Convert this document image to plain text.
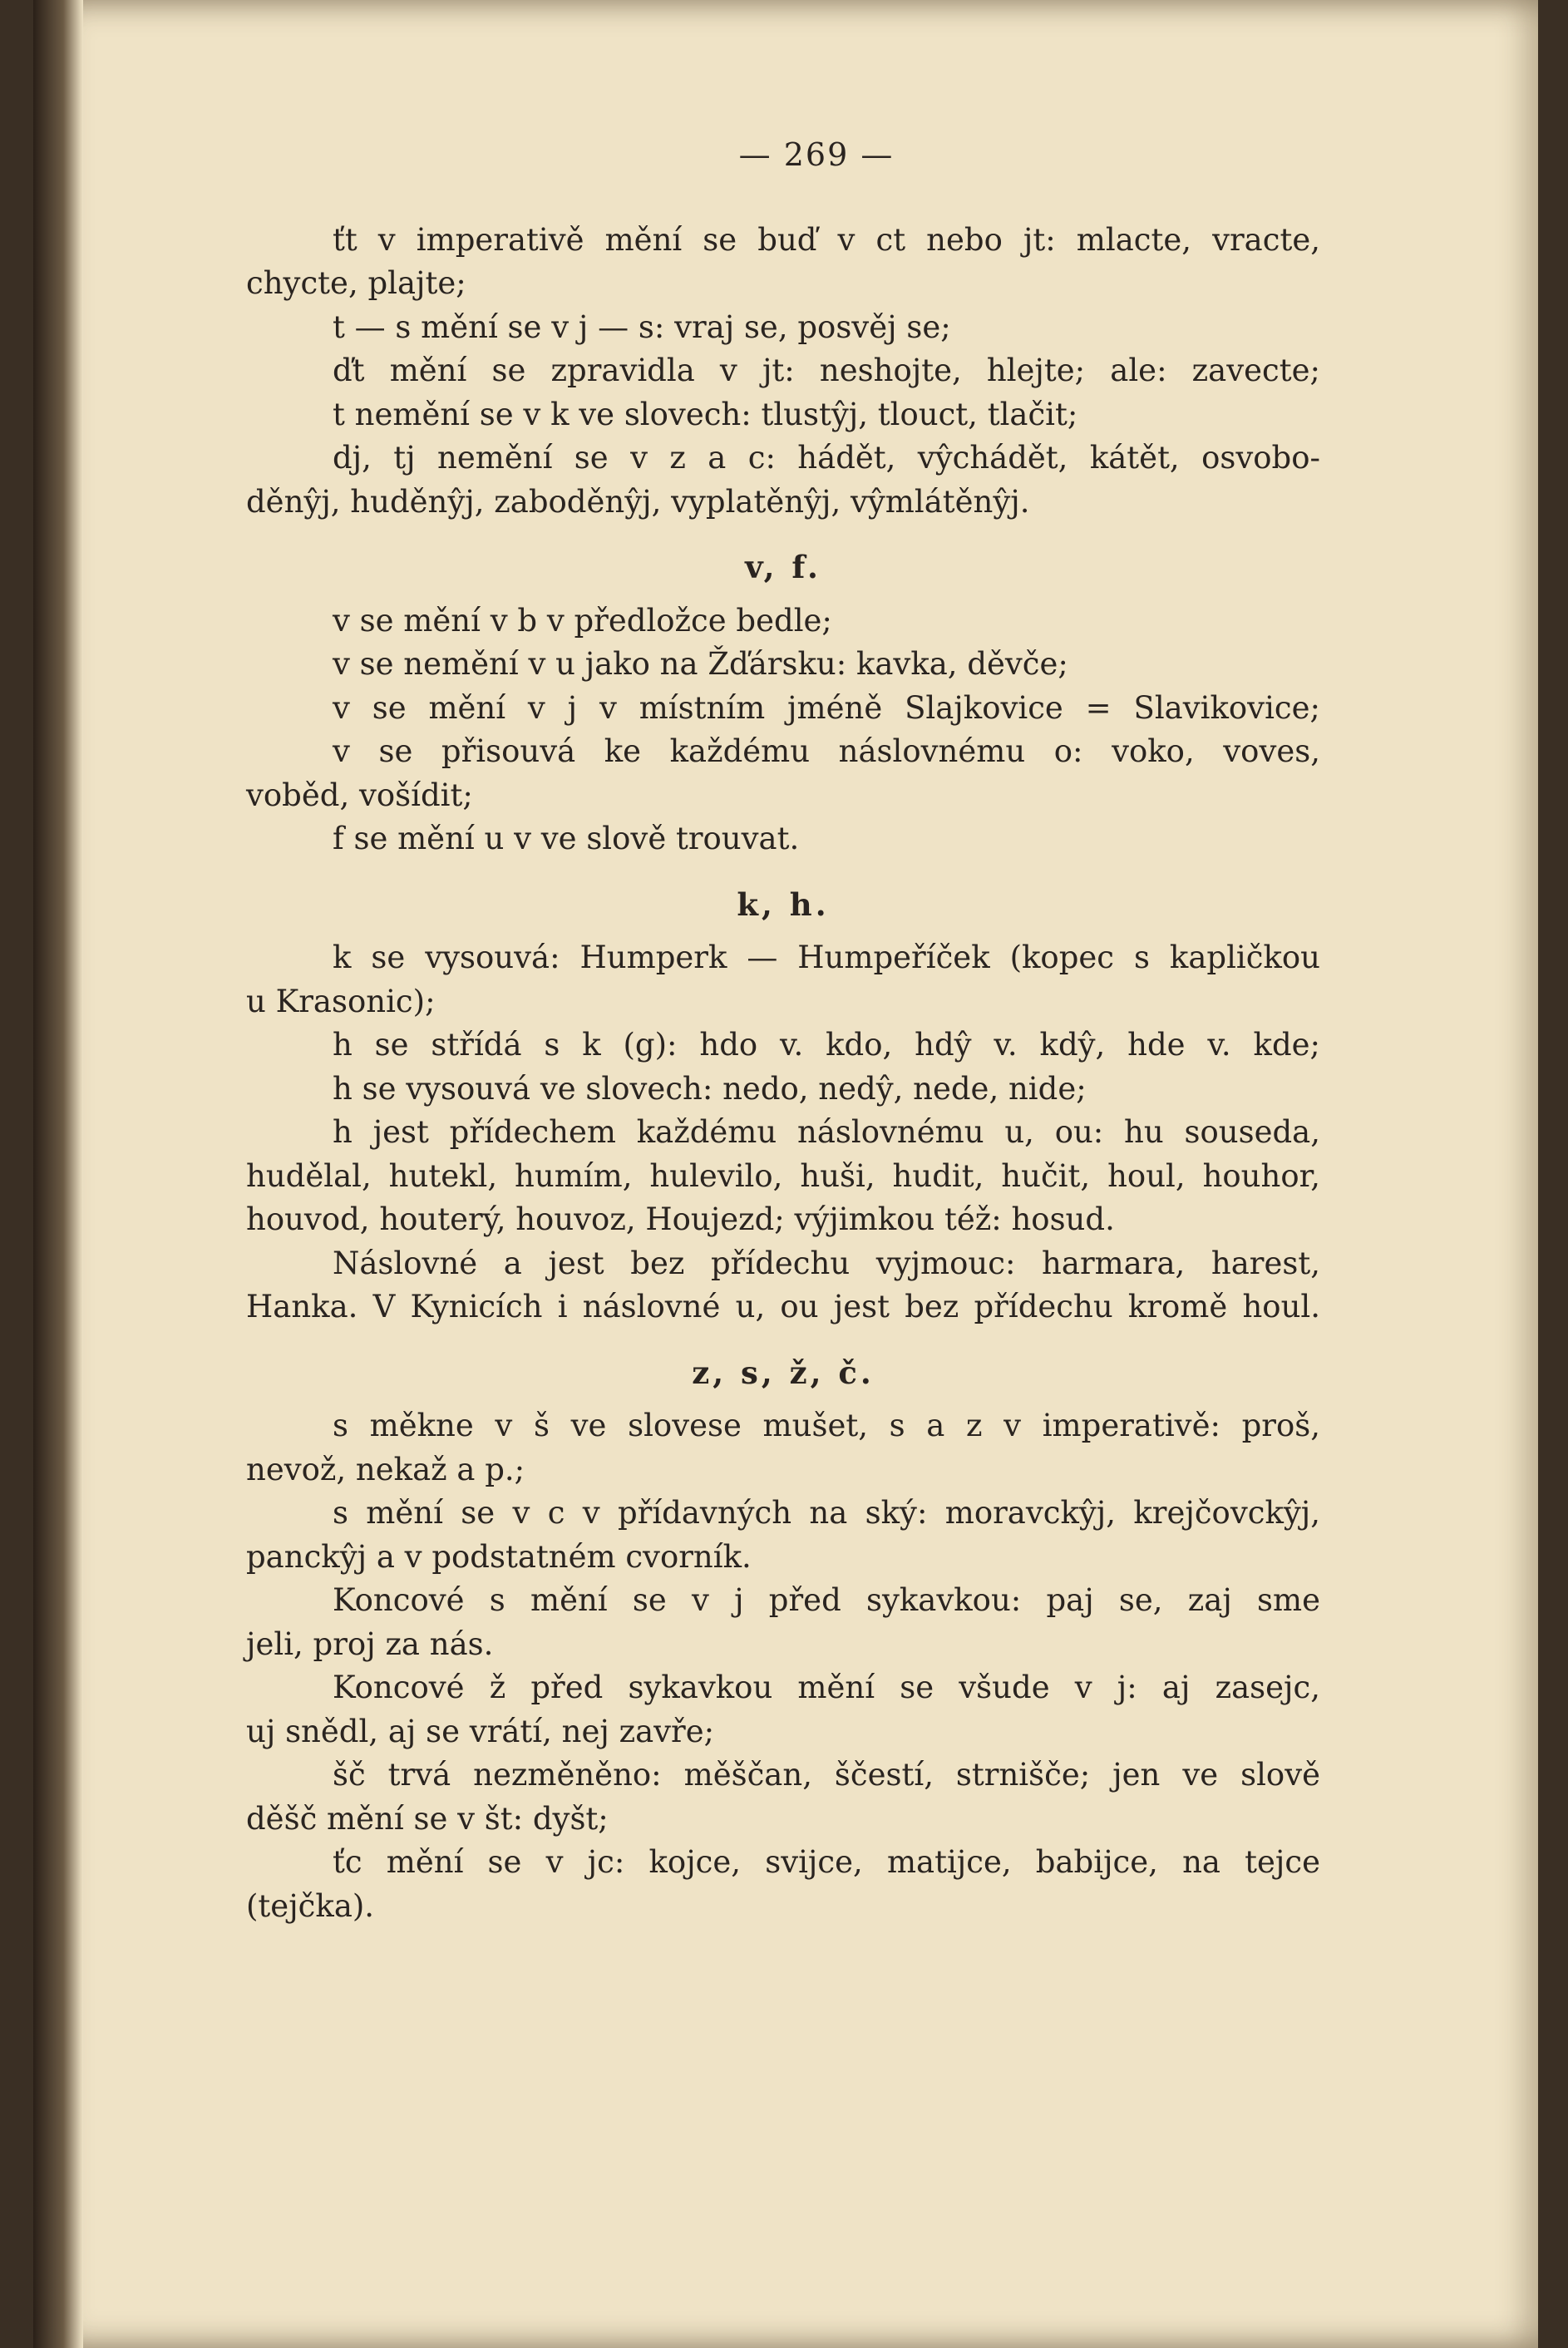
— 269 —
ťt v imperativě mění se buď v ct nebo jt: mlacte, vracte,
chycte, plajte;
t — s mění se v j — s: vraj se, posvěj se;
ďt mění se zpravidla v jt: neshojte, hlejte; ale: zavecte;
t nemění se v k ve slovech: tlustŷj, tlouct, tlačit;
dj, tj nemění se v z a c: hádět, vŷchádět, kátět, osvobo-
děnŷj, huděnŷj, zaboděnŷj, vyplatěnŷj, vŷmlátěnŷj.
v, f.
v se mění v b v předložce bedle;
v se nemění v u jako na Žďársku: kavka, děvče;
v se mění v j v místním jméně Slajkovice = Slavikovice;
v se přisouvá ke každému náslovnému o: voko, voves,
voběd, vošídit;
f se mění u v ve slově trouvat.
k, h.
k se vysouvá: Humperk — Humpeříček (kopec s kapličkou
u Krasonic);
h se střídá s k (g): hdo v. kdo, hdŷ v. kdŷ, hde v. kde;
h se vysouvá ve slovech: nedo, nedŷ, nede, nide;
h jest přídechem každému náslovnému u, ou: hu souseda,
hudělal, hutekl, humím, hulevilo, huši, hudit, hučit, houl, houhor,
houvod, houterý, houvoz, Houjezd; výjimkou též: hosud.
Náslovné a jest bez přídechu vyjmouc: harmara, harest,
Hanka. V Kynicích i náslovné u, ou jest bez přídechu kromě houl.
z, s, ž, č.
s měkne v š ve slovese mušet, s a z v imperativě: proš,
nevož, nekaž a p.;
s mění se v c v přídavných na ský: moravckŷj, krejčovckŷj,
panckŷj a v podstatném cvorník.
Koncové s mění se v j před sykavkou: paj se, zaj sme
jeli, proj za nás.
Koncové ž před sykavkou mění se všude v j: aj zasejc,
uj snědl, aj se vrátí, nej zavře;
šč trvá nezměněno: měščan, ščestí, strnišče; jen ve slově
děšč mění se v št: dyšt;
ťc mění se v jc: kojce, svijce, matijce, babijce, na tejce
(tejčka).
